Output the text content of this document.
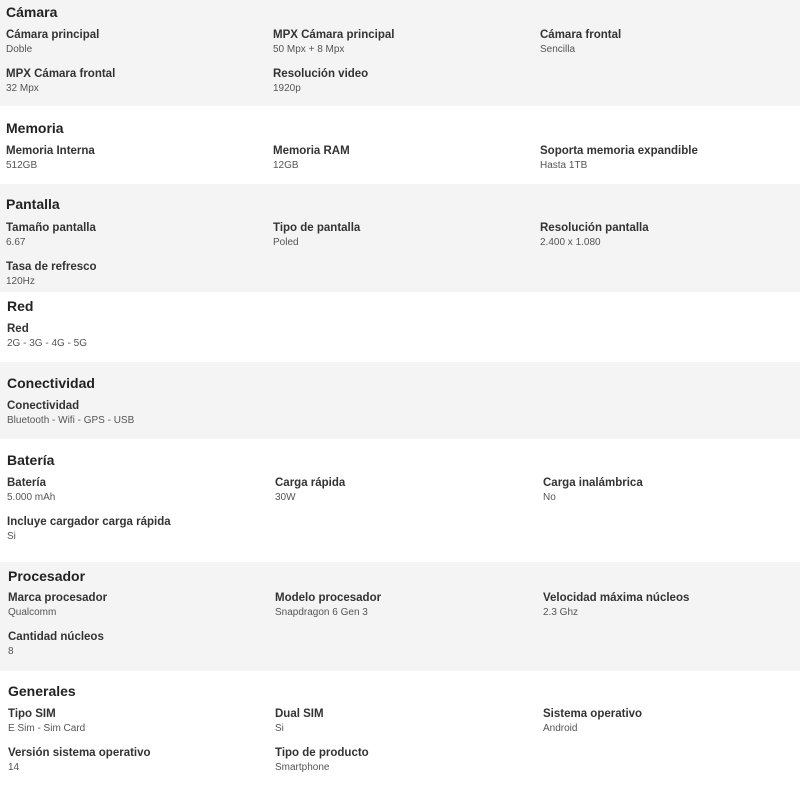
Cámara
Cámara principal
Doble
MPX Cámara principal
50 Mpx + 8 Mpx
Cámara frontal
Sencilla
MPX Cámara frontal
32 Mpx
Resolución video
1920p
Memoria
Memoria Interna
512GB
Memoria RAM
12GB
Soporta memoria expandible
Hasta 1TB
Pantalla
Tamaño pantalla
6.67
Tipo de pantalla
Poled
Resolución pantalla
2.400 x 1.080
Tasa de refresco
120Hz
Red
Red
2G - 3G - 4G - 5G
Conectividad
Conectividad
Bluetooth - Wifi - GPS - USB
Batería
Batería
5.000 mAh
Carga rápida
30W
Carga inalámbrica
No
Incluye cargador carga rápida
Si
Procesador
Marca procesador
Qualcomm
Modelo procesador
Snapdragon 6 Gen 3
Velocidad máxima núcleos
2.3 Ghz
Cantidad núcleos
8
Generales
Tipo SIM
E Sim - Sim Card
Dual SIM
Si
Sistema operativo
Android
Versión sistema operativo
14
Tipo de producto
Smartphone
